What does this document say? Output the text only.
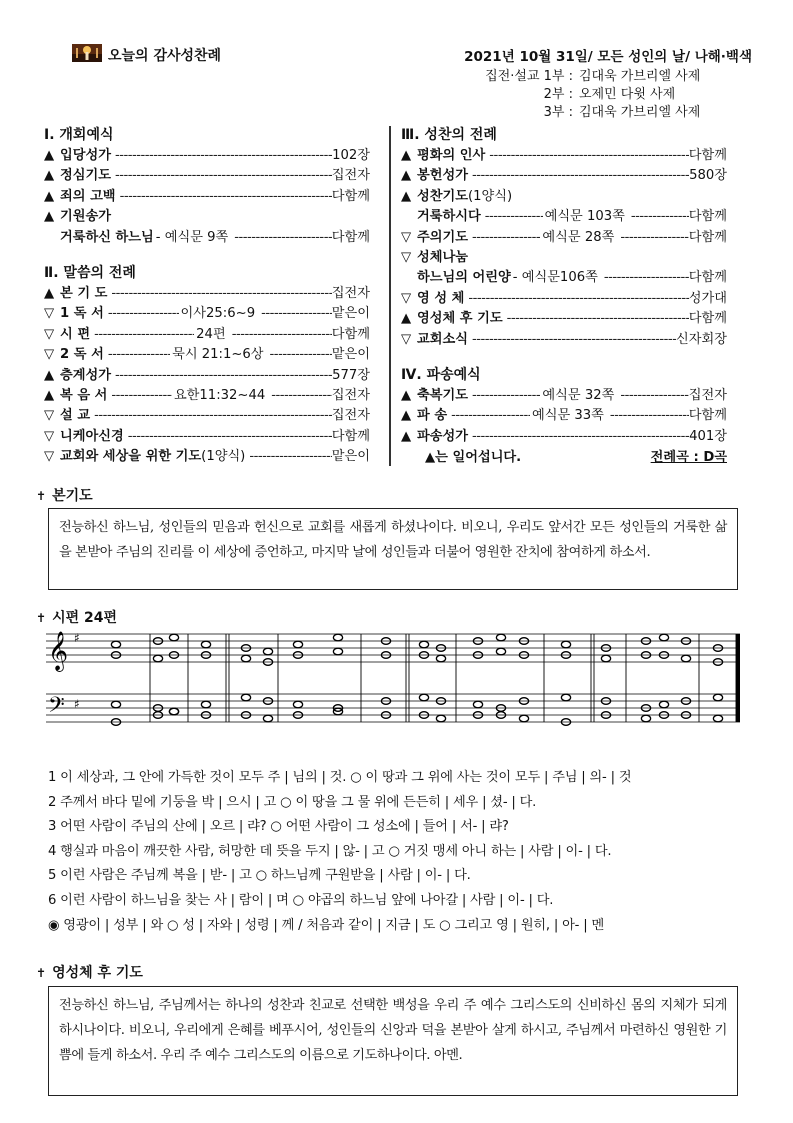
오늘의 감사성찬례	2021년 10월 31일/ 모든 성인의 날/ 나해·백색
집전·설교 1부 : 김대욱 가브리엘 사제
2부 : 오제민 다윗 사제
3부 : 김대욱 가브리엘 사제
Ⅰ. 개회예식
▲ 입당성가 -----	102장
▲ 정심기도 -----	집전자
▲ 죄의 고백 -----	다함께
▲ 기원송가
거룩하신 하느님 - 예식문 9쪽 -----	다함께
Ⅱ. 말씀의 전례
▲ 본 기 도 -----	집전자
▽ 1 독 서 -----	이사25:6~9 -----	맡은이
▽ 시 편 -----	24편 -----	다함께
▽ 2 독 서 -----	묵시 21:1~6상 -----	맡은이
▲ 층계성가 -----	577장
▲ 복 음 서 -----	요한11:32~44 -----	집전자
▽ 설 교 -----	집전자
▽ 니케아신경 -----	다함께
▽ 교회와 세상을 위한 기도(1양식) -----	맡은이
Ⅲ. 성찬의 전례
▲ 평화의 인사 -----	다함께
▲ 봉헌성가 -----	580장
▲ 성찬기도(1양식)
거룩하시다 -----	예식문 103쪽 -----	다함께
▽ 주의기도 -----	예식문 28쪽 -----	다함께
▽ 성체나눔
하느님의 어린양 - 예식문106쪽 -----	다함께
▽ 영 성 체 -----	성가대
▲ 영성체 후 기도 -----	다함께
▽ 교회소식 -----	신자회장
Ⅳ. 파송예식
▲ 축복기도 -----	예식문 32쪽 -----	집전자
▲ 파 송 -----	예식문 33쪽 -----	다함께
▲ 파송성가 -----	401장
▲는 일어섭니다.	전례곡 : D곡
✝ 본기도
전능하신 하느님, 성인들의 믿음과 헌신으로 교회를 새롭게 하셨나이다. 비오니, 우리도 앞서간 모든 성인들의 거룩한 삶을 본받아 주님의 진리를 이 세상에 증언하고, 마지막 날에 성인들과 더불어 영원한 잔치에 참여하게 하소서.
✝ 시편 24편
𝄞
𝄢
♯
♯
1 이 세상과, 그 안에 가득한 것이 모두 주 | 님의 | 것. ○ 이 땅과 그 위에 사는 것이 모두 | 주님 | 의- | 것
2 주께서 바다 밑에 기둥을 박 | 으시 | 고 ○ 이 땅을 그 물 위에 든든히 | 세우 | 셨- | 다.
3 어떤 사람이 주님의 산에 | 오르 | 랴? ○ 어떤 사람이 그 성소에 | 들어 | 서- | 랴?
4 행실과 마음이 깨끗한 사람, 허망한 데 뜻을 두지 | 않- | 고 ○ 거짓 맹세 아니 하는 | 사람 | 이- | 다.
5 이런 사람은 주님께 복을 | 받- | 고 ○ 하느님께 구원받을 | 사람 | 이- | 다.
6 이런 사람이 하느님을 찾는 사 | 람이 | 며 ○ 야곱의 하느님 앞에 나아갈 | 사람 | 이- | 다.
◉ 영광이 | 성부 | 와 ○ 성 | 자와 | 성령 | 께 / 처음과 같이 | 지금 | 도 ○ 그리고 영 | 원히, | 아- | 멘
✝ 영성체 후 기도
전능하신 하느님, 주님께서는 하나의 성찬과 친교로 선택한 백성을 우리 주 예수 그리스도의 신비하신 몸의 지체가 되게 하시나이다. 비오니, 우리에게 은혜를 베푸시어, 성인들의 신앙과 덕을 본받아 살게 하시고, 주님께서 마련하신 영원한 기쁨에 들게 하소서. 우리 주 예수 그리스도의 이름으로 기도하나이다. 아멘.
